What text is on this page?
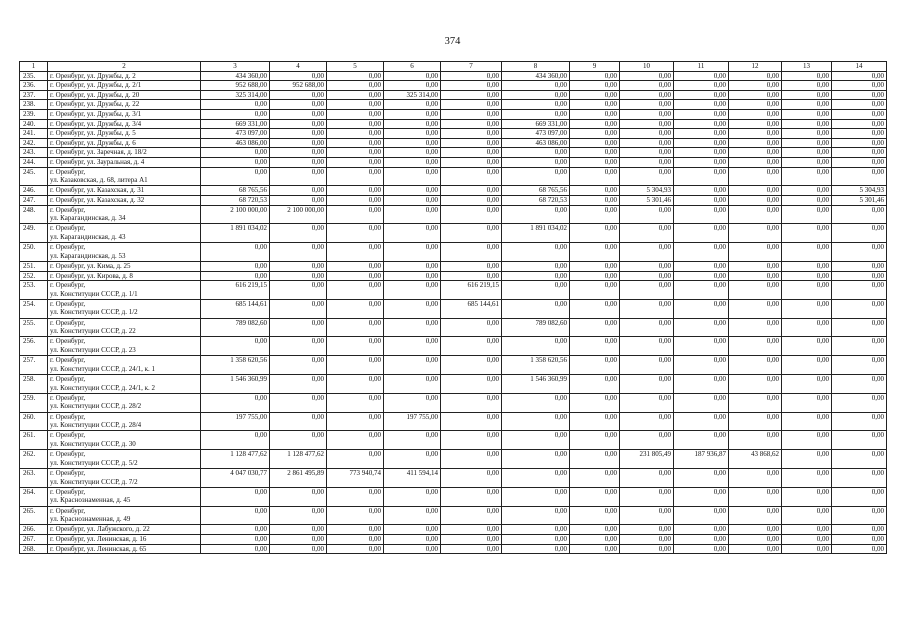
374
1	2	3	4	5	6	7	8	9	10	11	12	13	14
235.	г. Оренбург, ул. Дружбы, д. 2	434 360,00	0,00	0,00	0,00	0,00	434 360,00	0,00	0,00	0,00	0,00	0,00	0,00
236.	г. Оренбург, ул. Дружбы, д. 2/1	952 688,00	952 688,00	0,00	0,00	0,00	0,00	0,00	0,00	0,00	0,00	0,00	0,00
237.	г. Оренбург, ул. Дружбы, д. 20	325 314,00	0,00	0,00	325 314,00	0,00	0,00	0,00	0,00	0,00	0,00	0,00	0,00
238.	г. Оренбург, ул. Дружбы, д. 22	0,00	0,00	0,00	0,00	0,00	0,00	0,00	0,00	0,00	0,00	0,00	0,00
239.	г. Оренбург, ул. Дружбы, д. 3/1	0,00	0,00	0,00	0,00	0,00	0,00	0,00	0,00	0,00	0,00	0,00	0,00
240.	г. Оренбург, ул. Дружбы, д. 3/4	669 331,00	0,00	0,00	0,00	0,00	669 331,00	0,00	0,00	0,00	0,00	0,00	0,00
241.	г. Оренбург, ул. Дружбы, д. 5	473 097,00	0,00	0,00	0,00	0,00	473 097,00	0,00	0,00	0,00	0,00	0,00	0,00
242.	г. Оренбург, ул. Дружбы, д. 6	463 086,00	0,00	0,00	0,00	0,00	463 086,00	0,00	0,00	0,00	0,00	0,00	0,00
243.	г. Оренбург, ул. Заречная, д. 18/2	0,00	0,00	0,00	0,00	0,00	0,00	0,00	0,00	0,00	0,00	0,00	0,00
244.	г. Оренбург, ул. Зауральная, д. 4	0,00	0,00	0,00	0,00	0,00	0,00	0,00	0,00	0,00	0,00	0,00	0,00
245.	г. Оренбург,
ул. Казаковская, д. 68, литера А1	0,00	0,00	0,00	0,00	0,00	0,00	0,00	0,00	0,00	0,00	0,00	0,00
246.	г. Оренбург, ул. Казахская, д. 31	68 765,56	0,00	0,00	0,00	0,00	68 765,56	0,00	5 304,93	0,00	0,00	0,00	5 304,93
247.	г. Оренбург, ул. Казахская, д. 32	68 720,53	0,00	0,00	0,00	0,00	68 720,53	0,00	5 301,46	0,00	0,00	0,00	5 301,46
248.	г. Оренбург,
ул. Карагандинская, д. 34	2 100 000,00	2 100 000,00	0,00	0,00	0,00	0,00	0,00	0,00	0,00	0,00	0,00	0,00
249.	г. Оренбург,
ул. Карагандинская, д. 43	1 891 034,02	0,00	0,00	0,00	0,00	1 891 034,02	0,00	0,00	0,00	0,00	0,00	0,00
250.	г. Оренбург,
ул. Карагандинская, д. 53	0,00	0,00	0,00	0,00	0,00	0,00	0,00	0,00	0,00	0,00	0,00	0,00
251.	г. Оренбург, ул. Кима, д. 25	0,00	0,00	0,00	0,00	0,00	0,00	0,00	0,00	0,00	0,00	0,00	0,00
252.	г. Оренбург, ул. Кирова, д. 8	0,00	0,00	0,00	0,00	0,00	0,00	0,00	0,00	0,00	0,00	0,00	0,00
253.	г. Оренбург,
ул. Конституции СССР, д. 1/1	616 219,15	0,00	0,00	0,00	616 219,15	0,00	0,00	0,00	0,00	0,00	0,00	0,00
254.	г. Оренбург,
ул. Конституции СССР, д. 1/2	685 144,61	0,00	0,00	0,00	685 144,61	0,00	0,00	0,00	0,00	0,00	0,00	0,00
255.	г. Оренбург,
ул. Конституции СССР, д. 22	789 082,60	0,00	0,00	0,00	0,00	789 082,60	0,00	0,00	0,00	0,00	0,00	0,00
256.	г. Оренбург,
ул. Конституции СССР, д. 23	0,00	0,00	0,00	0,00	0,00	0,00	0,00	0,00	0,00	0,00	0,00	0,00
257.	г. Оренбург,
ул. Конституции СССР, д. 24/1, к. 1	1 358 620,56	0,00	0,00	0,00	0,00	1 358 620,56	0,00	0,00	0,00	0,00	0,00	0,00
258.	г. Оренбург,
ул. Конституции СССР, д. 24/1, к. 2	1 546 360,99	0,00	0,00	0,00	0,00	1 546 360,99	0,00	0,00	0,00	0,00	0,00	0,00
259.	г. Оренбург,
ул. Конституции СССР, д. 28/2	0,00	0,00	0,00	0,00	0,00	0,00	0,00	0,00	0,00	0,00	0,00	0,00
260.	г. Оренбург,
ул. Конституции СССР, д. 28/4	197 755,00	0,00	0,00	197 755,00	0,00	0,00	0,00	0,00	0,00	0,00	0,00	0,00
261.	г. Оренбург,
ул. Конституции СССР, д. 30	0,00	0,00	0,00	0,00	0,00	0,00	0,00	0,00	0,00	0,00	0,00	0,00
262.	г. Оренбург,
ул. Конституции СССР, д. 5/2	1 128 477,62	1 128 477,62	0,00	0,00	0,00	0,00	0,00	231 805,49	187 936,87	43 868,62	0,00	0,00
263.	г. Оренбург,
ул. Конституции СССР, д. 7/2	4 047 030,77	2 861 495,89	773 940,74	411 594,14	0,00	0,00	0,00	0,00	0,00	0,00	0,00	0,00
264.	г. Оренбург,
ул. Краснознаменная, д. 45	0,00	0,00	0,00	0,00	0,00	0,00	0,00	0,00	0,00	0,00	0,00	0,00
265.	г. Оренбург,
ул. Краснознаменная, д. 49	0,00	0,00	0,00	0,00	0,00	0,00	0,00	0,00	0,00	0,00	0,00	0,00
266.	г. Оренбург, ул. Лабужского, д. 22	0,00	0,00	0,00	0,00	0,00	0,00	0,00	0,00	0,00	0,00	0,00	0,00
267.	г. Оренбург, ул. Ленинская, д. 16	0,00	0,00	0,00	0,00	0,00	0,00	0,00	0,00	0,00	0,00	0,00	0,00
268.	г. Оренбург, ул. Ленинская, д. 65	0,00	0,00	0,00	0,00	0,00	0,00	0,00	0,00	0,00	0,00	0,00	0,00
